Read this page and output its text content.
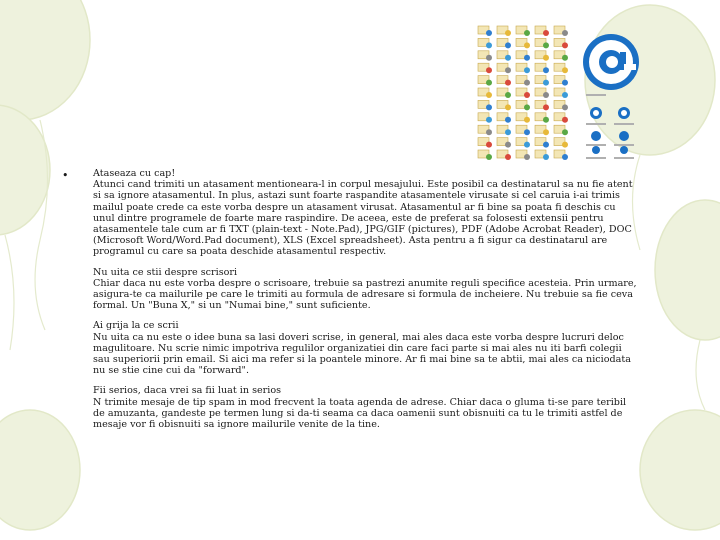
•	Ataseaza cu cap!
Atunci cand trimiti un atasament mentioneara-l in corpul mesajului. Este posibil ca destinatarul sa nu fie atent si sa ignore atasamentul. In plus, astazi sunt foarte raspandite atasamentele virusate si cel caruia i-ai trimis mailul poate crede ca este vorba despre un atasament virusat. Atasamentul ar fi bine sa poata fi deschis cu unul dintre programele de foarte mare raspindire. De aceea, este de preferat sa folosesti extensii pentru atasamentele tale cum ar fi TXT (plain-text - Note.Pad), JPG/GIF (pictures), PDF (Adobe Acrobat Reader), DOC (Microsoft Word/Word.Pad document), XLS (Excel spreadsheet). Asta pentru a fi sigur ca destinatarul are programul cu care sa poata deschide atasamentul respectiv.
Nu uita ce stii despre scrisori
Chiar daca nu este vorba despre o scrisoare, trebuie sa pastrezi anumite reguli specifice acesteia. Prin urmare, asigura-te ca mailurile pe care le trimiti au formula de adresare si formula de incheiere. Nu trebuie sa fie ceva formal. Un "Buna X," si un "Numai bine," sunt suficiente.
Ai grija la ce scrii
Nu uita ca nu este o idee buna sa lasi doveri scrise, in general, mai ales daca este vorba despre lucruri deloc magulitoare. Nu scrie nimic impotriva regulilor organizatiei din care faci parte si mai ales nu iti barfi colegii sau superiorii prin email. Si aici ma refer si la poantele minore. Ar fi mai bine sa te abtii, mai ales ca niciodata nu se stie cine cui da "forward".
Fii serios, daca vrei sa fii luat in serios
N trimite mesaje de tip spam in mod frecvent la toata agenda de adrese. Chiar daca o gluma ti-se pare teribil de amuzanta, gandeste pe termen lung si da-ti seama ca daca oamenii sunt obisnuiti ca tu le trimiti astfel de mesaje vor fi obisnuiti sa ignore mailurile venite de la tine.
